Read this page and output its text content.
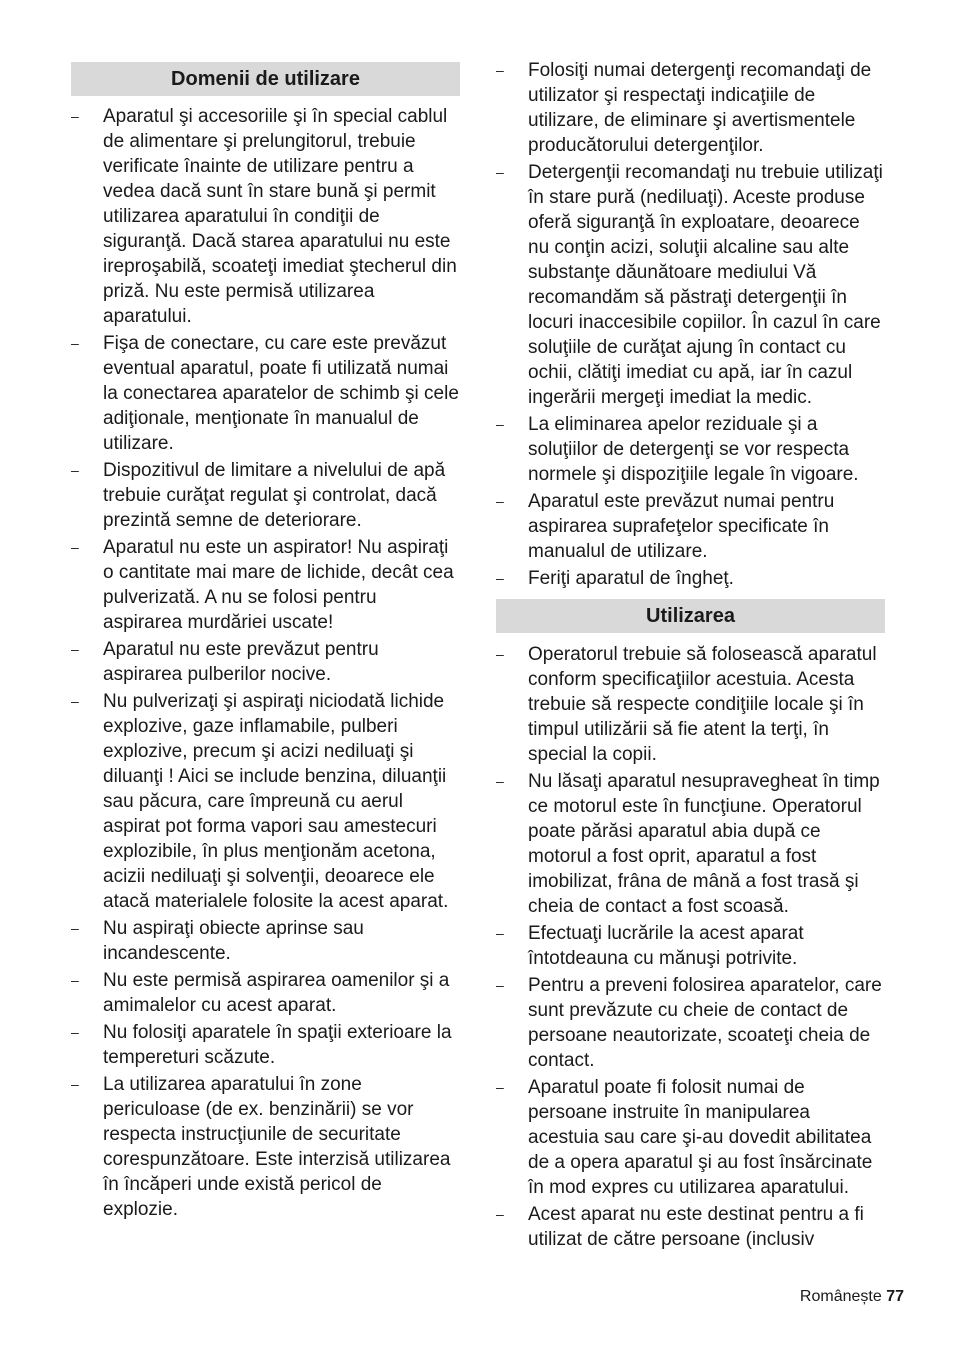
Domenii de utilizare
–	Aparatul şi accesoriile şi în special cablul de alimentare şi prelungitorul, trebuie verificate înainte de utilizare pentru a vedea dacă sunt în stare bună şi permit utilizarea aparatului în condiţii de siguranţă. Dacă starea aparatului nu este ireproşabilă, scoateţi imediat ştecherul din priză. Nu este permisă utilizarea aparatului.
–	Fişa de conectare, cu care este prevăzut eventual aparatul, poate fi utilizată numai la conectarea aparatelor de schimb şi cele adiţionale, menţionate în manualul de utilizare.
–	Dispozitivul de limitare a nivelului de apă trebuie curăţat regulat şi controlat, dacă prezintă semne de deteriorare.
–	Aparatul nu este un aspirator! Nu aspiraţi o cantitate mai mare de lichide, decât cea pulverizată. A nu se folosi pentru aspirarea murdăriei uscate!
–	Aparatul nu este prevăzut pentru aspirarea pulberilor nocive.
–	Nu pulverizaţi şi aspiraţi niciodată lichide explozive, gaze inflamabile, pulberi explozive, precum şi acizi nediluaţi şi diluanţi ! Aici se include benzina, diluanţii sau păcura, care împreună cu aerul aspirat pot forma vapori sau amestecuri explozibile, în plus menţionăm acetona, acizii nediluaţi şi solvenţii, deoarece ele atacă materialele folosite la acest aparat.
–	Nu aspiraţi obiecte aprinse sau incandescente.
–	Nu este permisă aspirarea oamenilor şi a amimalelor cu acest aparat.
–	Nu folosiţi aparatele în spaţii exterioare la tempereturi scăzute.
–	La utilizarea aparatului în zone periculoase (de ex. benzinării) se vor respecta instrucţiunile de securitate corespunzătoare. Este interzisă utilizarea în încăperi unde există pericol de explozie.
–	Folosiţi numai detergenţi recomandaţi de utilizator şi respectaţi indicaţiile de utilizare, de eliminare şi avertismentele producătorului detergenţilor.
–	Detergenţii recomandaţi nu trebuie utilizaţi în stare pură (nediluaţi). Aceste produse oferă siguranţă în exploatare, deoarece nu conţin acizi, soluţii alcaline sau alte substanţe dăunătoare mediului Vă recomandăm să păstraţi detergenţii în locuri inaccesibile copiilor. În cazul în care soluţiile de curăţat ajung în contact cu ochii, clătiţi imediat cu apă, iar în cazul ingerării mergeţi imediat la medic.
–	La eliminarea apelor reziduale şi a soluţiilor de detergenţi se vor respecta normele şi dispoziţiile legale în vigoare.
–	Aparatul este prevăzut numai pentru aspirarea suprafeţelor specificate în manualul de utilizare.
–	Feriţi aparatul de îngheţ.
Utilizarea
–	Operatorul trebuie să folosească aparatul conform specificaţiilor acestuia. Acesta trebuie să respecte condiţiile locale şi în timpul utilizării să fie atent la terţi, în special la copii.
–	Nu lăsaţi aparatul nesupravegheat în timp ce motorul este în funcţiune. Operatorul poate părăsi aparatul abia după ce motorul a fost oprit, aparatul a fost imobilizat, frâna de mână a fost trasă şi cheia de contact a fost scoasă.
–	Efectuaţi lucrările la acest aparat întotdeauna cu mănuşi potrivite.
–	Pentru a preveni folosirea aparatelor, care sunt prevăzute cu cheie de contact de persoane neautorizate, scoateţi cheia de contact.
–	Aparatul poate fi folosit numai de persoane instruite în manipularea acestuia sau care şi-au dovedit abilitatea de a opera aparatul şi au fost însărcinate în mod expres cu utilizarea aparatului.
–	Acest aparat nu este destinat pentru a fi utilizat de către persoane (inclusiv
Românește 77
